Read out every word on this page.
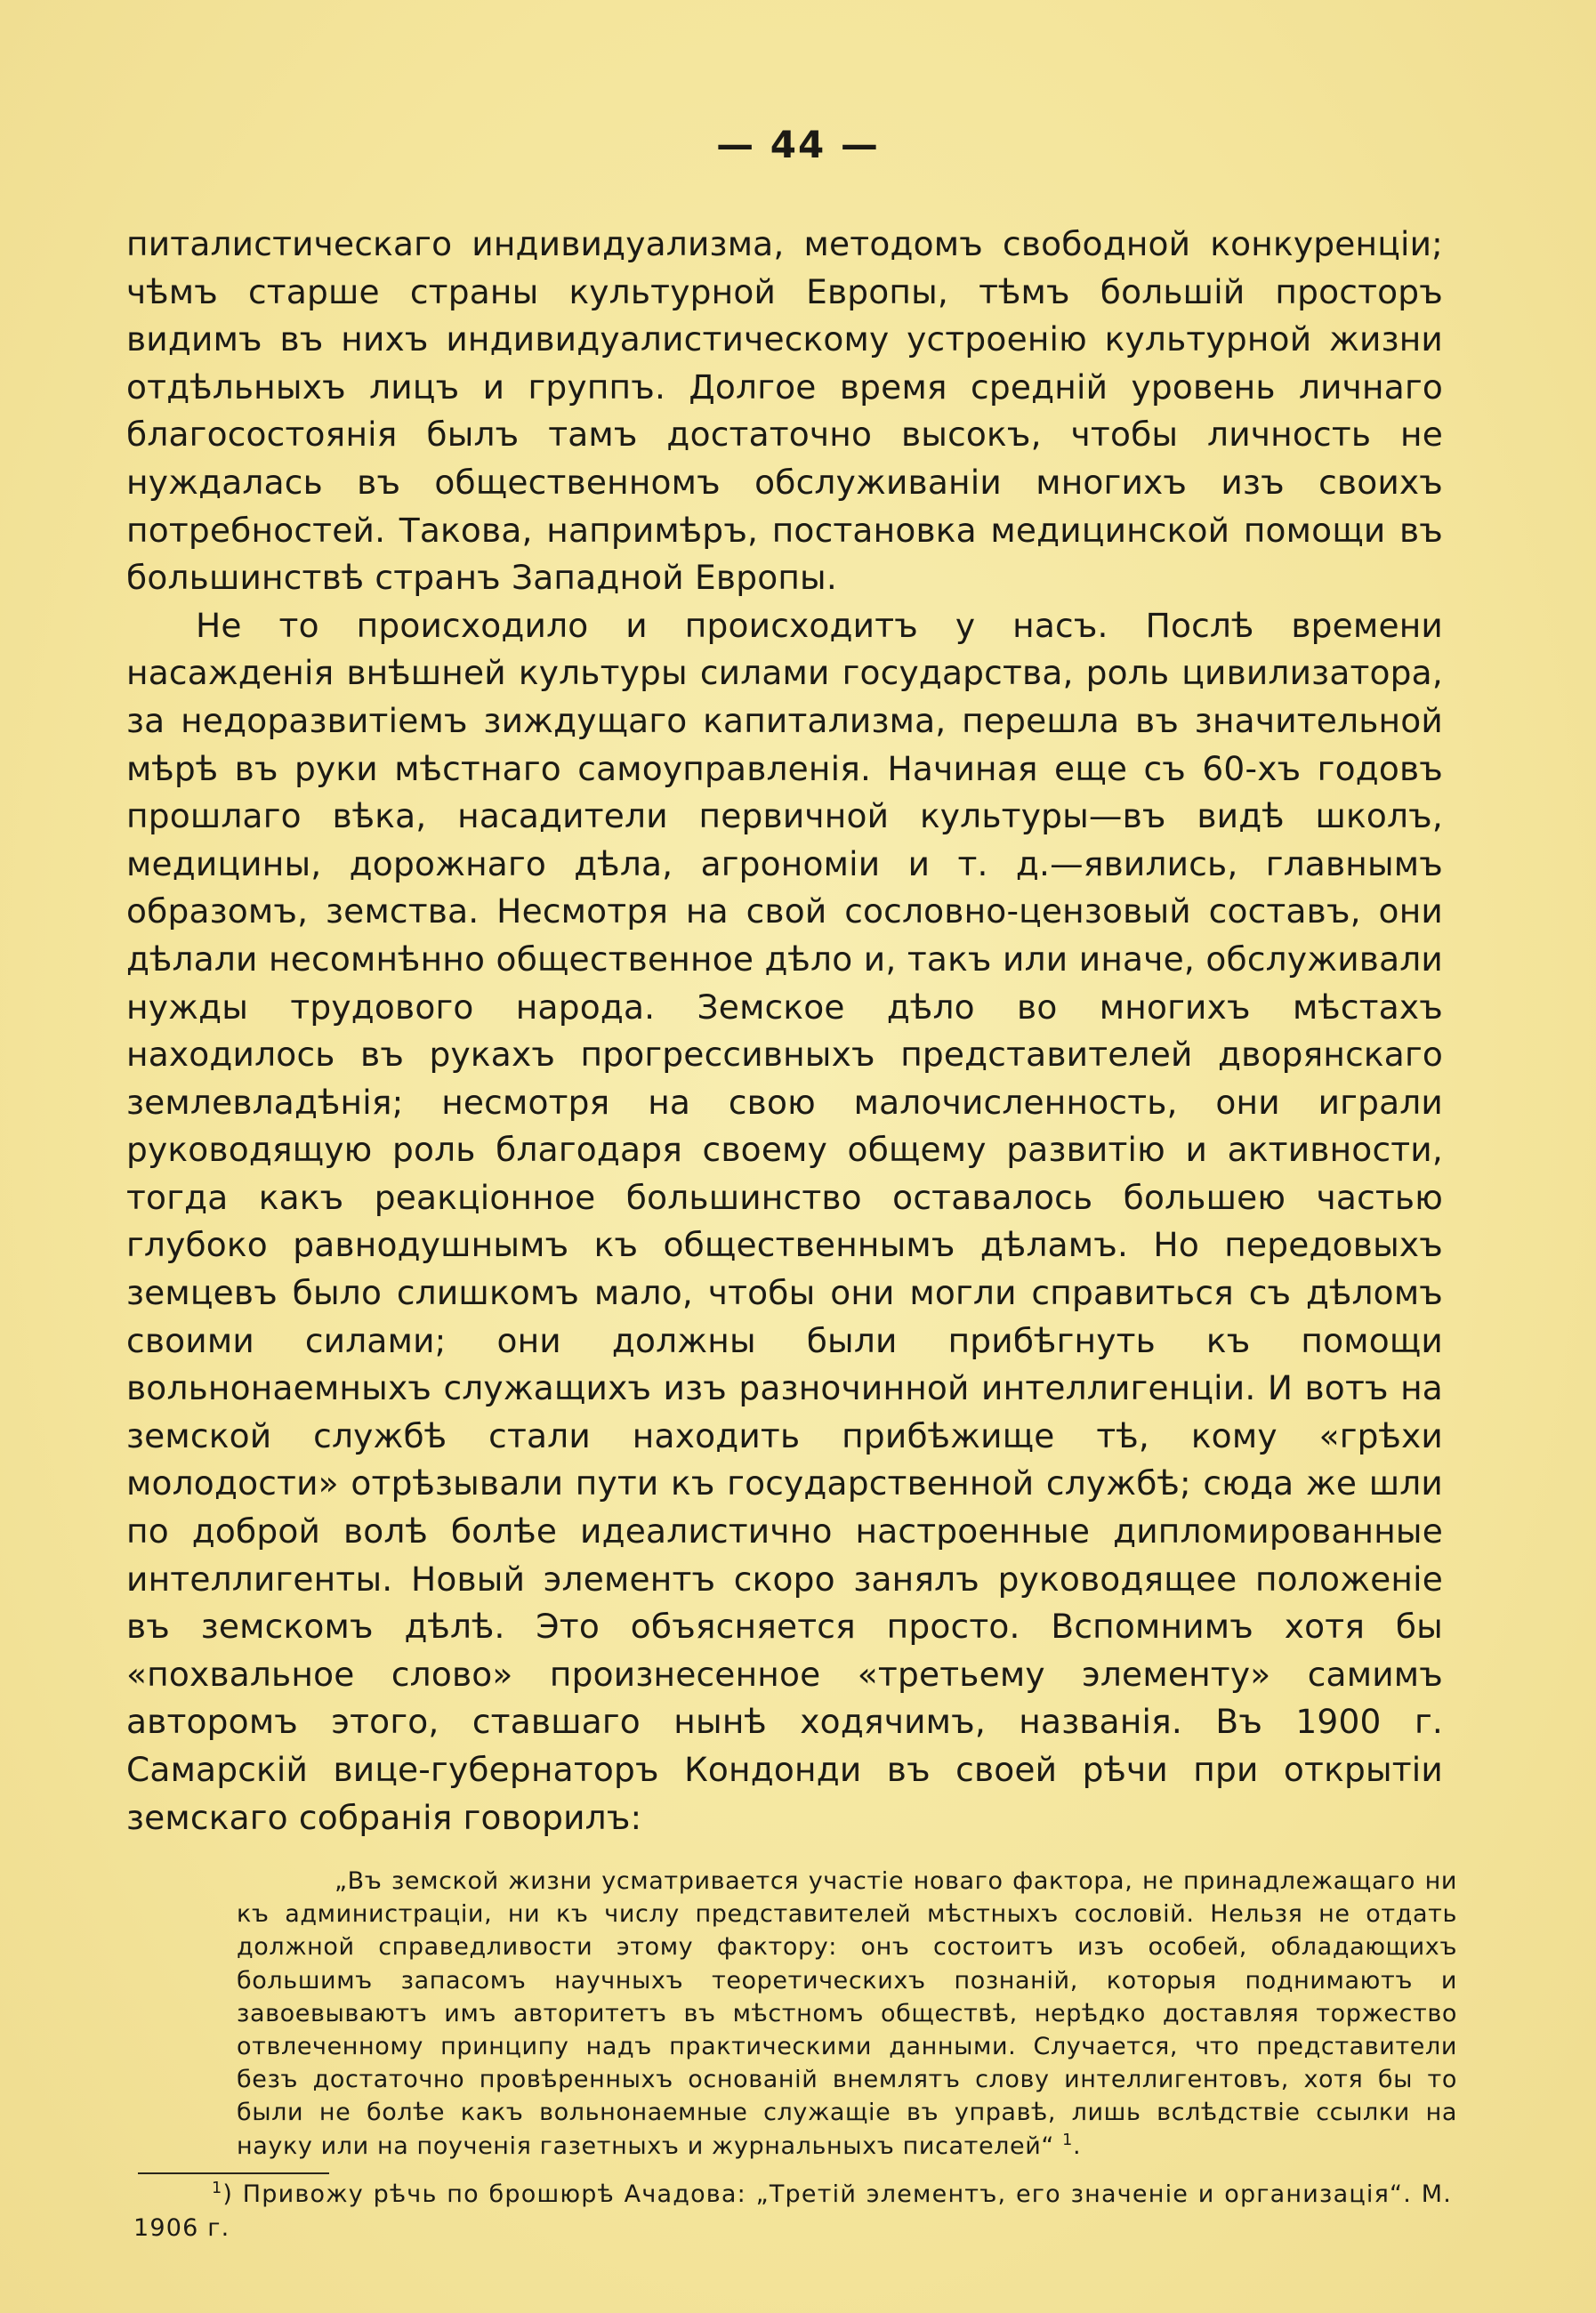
— 44 —

питалистическаго индивидуализма, методомъ свободной конкуренціи; чѣмъ старше страны культурной Европы, тѣмъ большій просторъ видимъ въ нихъ индивидуалистическому устроенію культурной жизни отдѣльныхъ лицъ и группъ. Долгое время средній уровень личнаго благосостоянія былъ тамъ достаточно высокъ, чтобы личность не нуждалась въ общественномъ обслуживаніи многихъ изъ своихъ потребностей. Такова, напримѣръ, постановка медицинской помощи въ большинствѣ странъ Западной Европы.

Не то происходило и происходитъ у насъ. Послѣ времени насажденія внѣшней культуры силами государства, роль цивилизатора, за недоразвитіемъ зиждущаго капитализма, перешла въ значительной мѣрѣ въ руки мѣстнаго самоуправленія. Начиная еще съ 60-хъ годовъ прошлаго вѣка, насадители первичной культуры—въ видѣ школъ, медицины, дорожнаго дѣла, агрономіи и т. д.—явились, главнымъ образомъ, земства. Несмотря на свой сословно-цензовый составъ, они дѣлали несомнѣнно общественное дѣло и, такъ или иначе, обслуживали нужды трудового народа. Земское дѣло во многихъ мѣстахъ находилось въ рукахъ прогрессивныхъ представителей дворянскаго землевладѣнія; несмотря на свою малочисленность, они играли руководящую роль благодаря своему общему развитію и активности, тогда какъ реакціонное большинство оставалось большею частью глубоко равнодушнымъ къ общественнымъ дѣламъ. Но передовыхъ земцевъ было слишкомъ мало, чтобы они могли справиться съ дѣломъ своими силами; они должны были прибѣгнуть къ помощи вольнонаемныхъ служащихъ изъ разночинной интеллигенціи. И вотъ на земской службѣ стали находить прибѣжище тѣ, кому «грѣхи молодости» отрѣзывали пути къ государственной службѣ; сюда же шли по доброй волѣ болѣе идеалистично настроенные дипломированные интеллигенты. Новый элементъ скоро занялъ руководящее положеніе въ земскомъ дѣлѣ. Это объясняется просто. Вспомнимъ хотя бы «похвальное слово» произнесенное «третьему элементу» самимъ авторомъ этого, ставшаго нынѣ ходячимъ, названія. Въ 1900 г. Самарскій вице-губернаторъ Кондонди въ своей рѣчи при открытіи земскаго собранія говорилъ:

„Въ земской жизни усматривается участіе новаго фактора, не принадлежащаго ни къ администраціи, ни къ числу представителей мѣстныхъ сословій. Нельзя не отдать должной справедливости этому фактору: онъ состоитъ изъ особей, обладающихъ большимъ запасомъ научныхъ теоретическихъ познаній, которыя поднимаютъ и завоевываютъ имъ авторитетъ въ мѣстномъ обществѣ, нерѣдко доставляя торжество отвлеченному принципу надъ практическими данными. Случается, что представители безъ достаточно провѣренныхъ основаній внемлятъ слову интеллигентовъ, хотя бы то были не болѣе какъ вольнонаемные служащіе въ управѣ, лишь вслѣдствіе ссылки на науку или на поученія газетныхъ и журнальныхъ писателей“ $^1$.
$^1$) Привожу рѣчь по брошюрѣ Ачадова: „Третій элементъ, его значеніе и организація“. М. 1906 г.
